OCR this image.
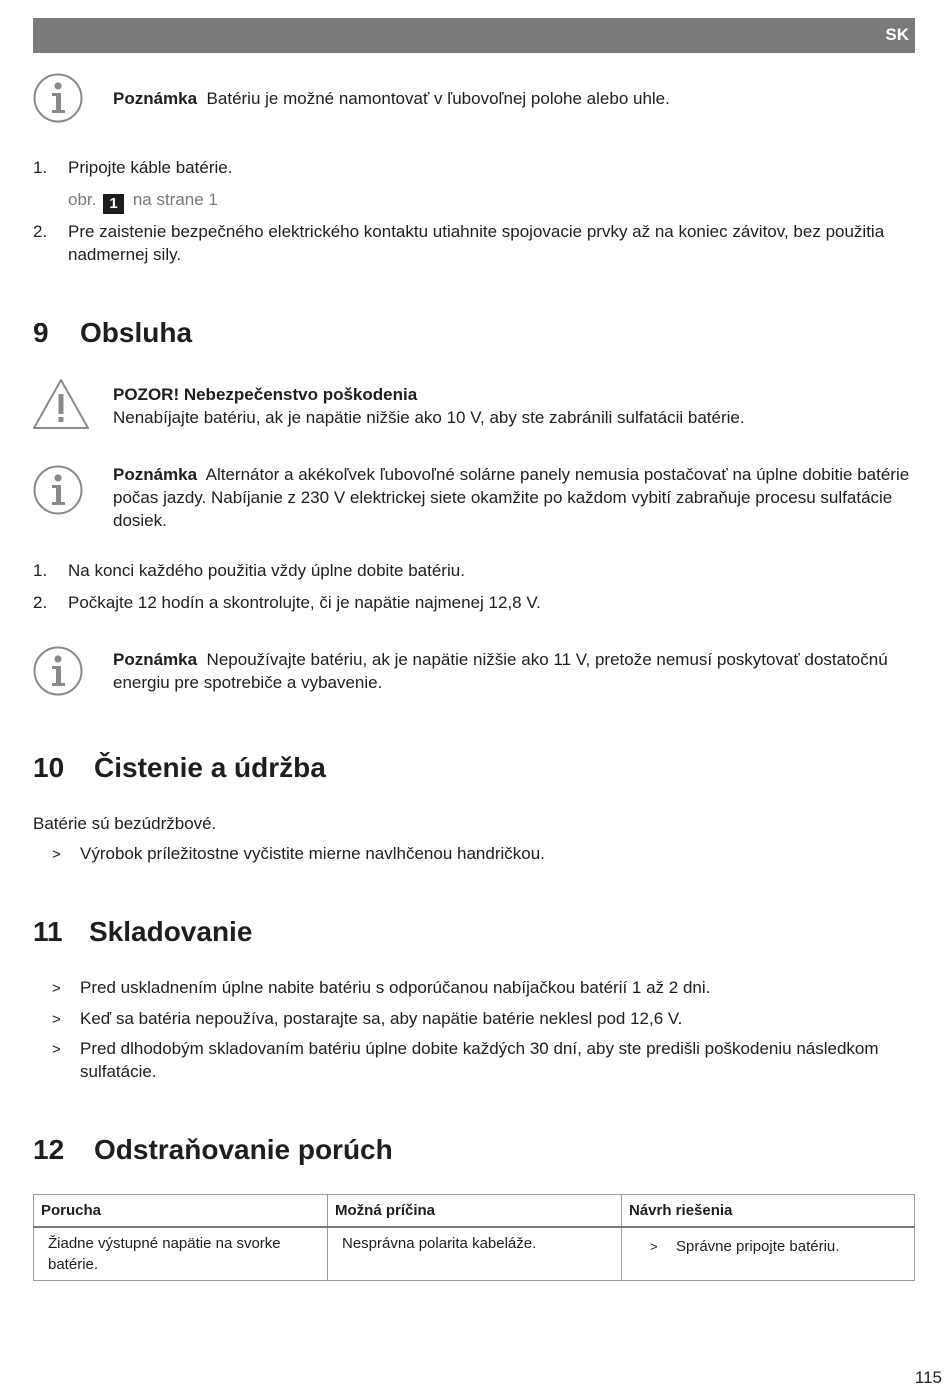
SK
Poznámka Batériu je možné namontovať v ľubovoľnej polohe alebo uhle.
1. Pripojte káble batérie.
obr. 1 na strane 1
2. Pre zaistenie bezpečného elektrického kontaktu utiahnite spojovacie prvky až na koniec závitov, bez použitia nadmernej sily.
9 Obsluha
POZOR! Nebezpečenstvo poškodenia
Nenabíjajte batériu, ak je napätie nižšie ako 10 V, aby ste zabránili sulfatácii batérie.
Poznámka Alternátor a akékoľvek ľubovoľné solárne panely nemusia postačovať na úplne dobitie batérie počas jazdy. Nabíjanie z 230 V elektrickej siete okamžite po každom vybití zabraňuje procesu sulfatácie dosiek.
1. Na konci každého použitia vždy úplne dobite batériu.
2. Počkajte 12 hodín a skontrolujte, či je napätie najmenej 12,8 V.
Poznámka Nepoužívajte batériu, ak je napätie nižšie ako 11 V, pretože nemusí poskytovať dostatočnú energiu pre spotrebiče a vybavenie.
10 Čistenie a údržba
Batérie sú bezúdržbové.
> Výrobok príležitostne vyčistite mierne navlhčenou handričkou.
11 Skladovanie
> Pred uskladnením úplne nabite batériu s odporúčanou nabíjačkou batérií 1 až 2 dni.
> Keď sa batéria nepoužíva, postarajte sa, aby napätie batérie neklesl pod 12,6 V.
> Pred dlhodobým skladovaním batériu úplne dobite každých 30 dní, aby ste predišli poškodeniu následkom sulfatácie.
12 Odstraňovanie porúch
Porucha	Možná príčina	Návrh riešenia
Žiadne výstupné napätie na svorke batérie.	Nesprávna polarita kabeláže.	> Správne pripojte batériu.
115
